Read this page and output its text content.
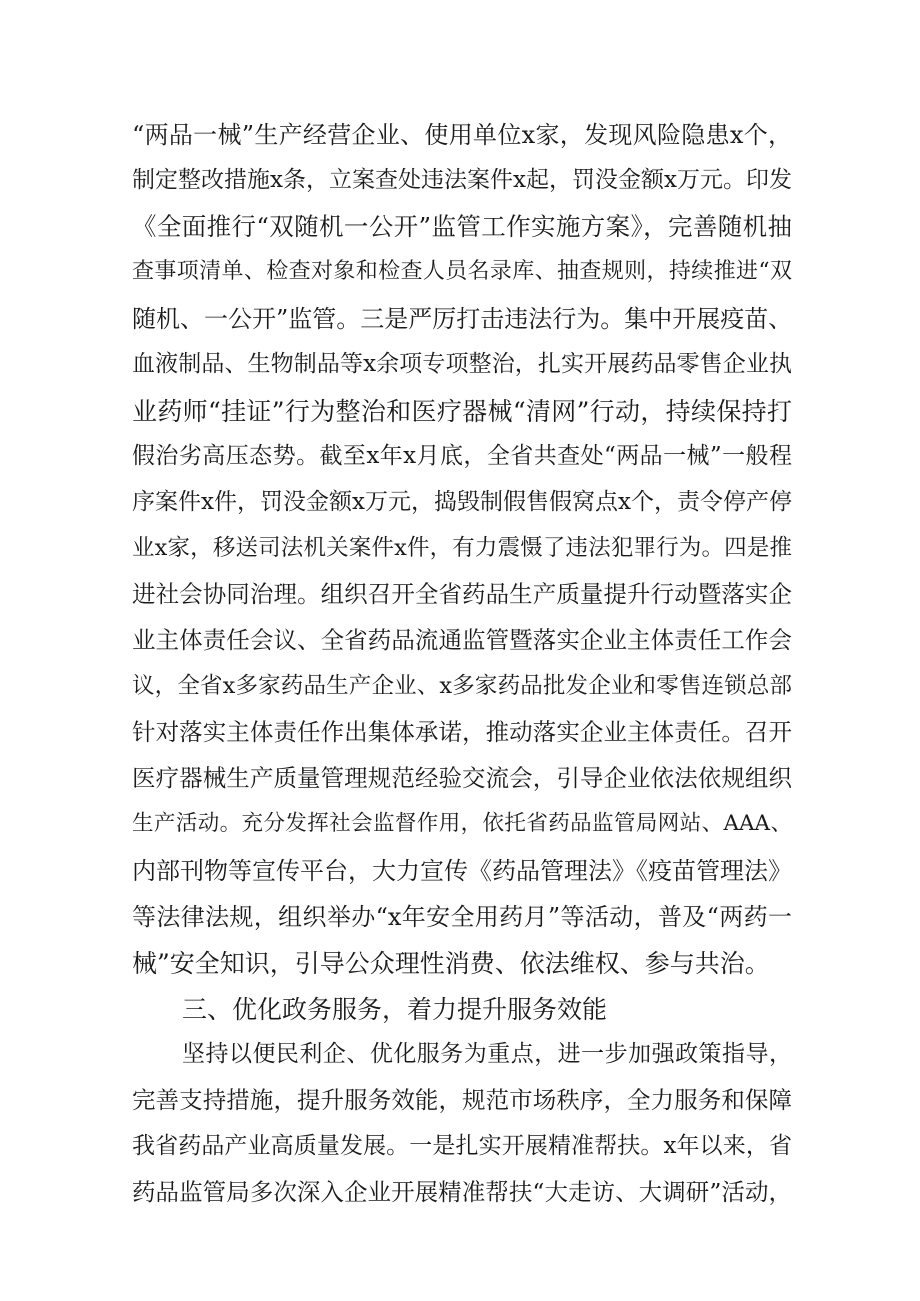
“两品一械”生产经营企业、使用单位x家，发现风险隐患x个，
制定整改措施x条，立案查处违法案件x起，罚没金额x万元。印发
《全面推行“双随机一公开”监管工作实施方案》，完善随机抽
查事项清单、检查对象和检查人员名录库、抽查规则，持续推进“双
随机、一公开”监管。三是严厉打击违法行为。集中开展疫苗、
血液制品、生物制品等x余项专项整治，扎实开展药品零售企业执
业药师“挂证”行为整治和医疗器械“清网”行动，持续保持打
假治劣高压态势。截至x年x月底，全省共查处“两品一械”一般程
序案件x件，罚没金额x万元，捣毁制假售假窝点x个，责令停产停
业x家，移送司法机关案件x件，有力震慑了违法犯罪行为。四是推
进社会协同治理。组织召开全省药品生产质量提升行动暨落实企
业主体责任会议、全省药品流通监管暨落实企业主体责任工作会
议，全省x多家药品生产企业、x多家药品批发企业和零售连锁总部
针对落实主体责任作出集体承诺，推动落实企业主体责任。召开
医疗器械生产质量管理规范经验交流会，引导企业依法依规组织
生产活动。充分发挥社会监督作用，依托省药品监管局网站、AAA、
内部刊物等宣传平台，大力宣传《药品管理法》《疫苗管理法》
等法律法规，组织举办“x年安全用药月”等活动，普及“两药一
械”安全知识，引导公众理性消费、依法维权、参与共治。
三、优化政务服务，着力提升服务效能
坚持以便民利企、优化服务为重点，进一步加强政策指导，
完善支持措施，提升服务效能，规范市场秩序，全力服务和保障
我省药品产业高质量发展。一是扎实开展精准帮扶。x年以来，省
药品监管局多次深入企业开展精准帮扶“大走访、大调研”活动，
